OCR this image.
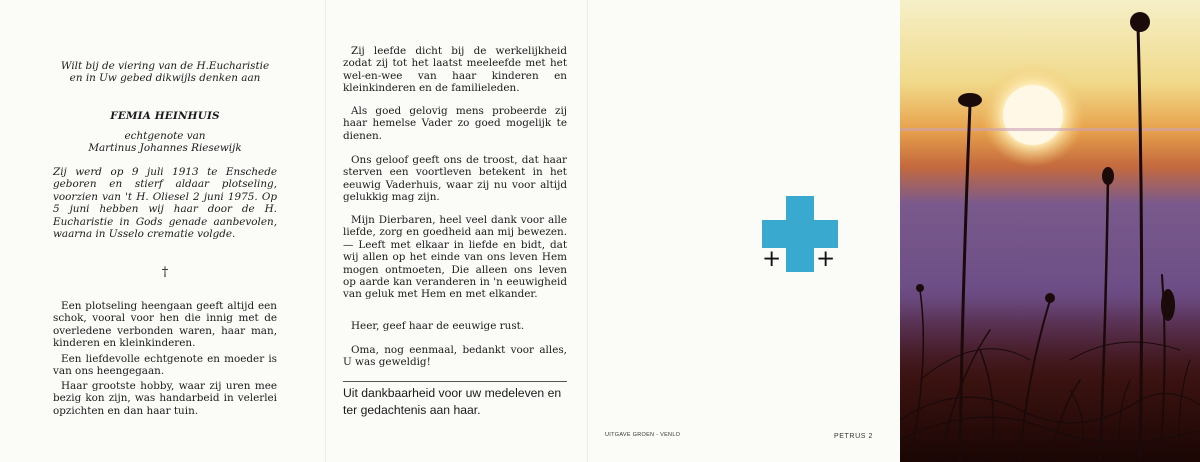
Wilt bij de viering van de H.Eucharistie en in Uw gebed dikwijls denken aan
FEMIA HEINHUIS
echtgenote van
Martinus Johannes Riesewijk
Zij werd op 9 juli 1913 te Enschede geboren en stierf aldaar plotseling, voorzien van 't H. Oliesel 2 juni 1975. Op 5 juni hebben wij haar door de H. Eucharistie in Gods genade aanbevolen, waarna in Usselo crematie volgde.
†
Een plotseling heengaan geeft altijd een schok, vooral voor hen die innig met de overledene verbonden waren, haar man, kinderen en kleinkinderen.
Een liefdevolle echtgenote en moeder is van ons heengegaan.
Haar grootste hobby, waar zij uren mee bezig kon zijn, was handarbeid in velerlei opzichten en dan haar tuin.
Zij leefde dicht bij de werkelijkheid zodat zij tot het laatst meeleefde met het wel-en-wee van haar kinderen en kleinkinderen en de familieleden.
Als goed gelovig mens probeerde zij haar hemelse Vader zo goed mogelijk te dienen.
Ons geloof geeft ons de troost, dat haar sterven een voortleven betekent in het eeuwig Vaderhuis, waar zij nu voor altijd gelukkig mag zijn.
Mijn Dierbaren, heel veel dank voor alle liefde, zorg en goedheid aan mij bewezen. — Leeft met elkaar in liefde en bidt, dat wij allen op het einde van ons leven Hem mogen ontmoeten, Die alleen ons leven op aarde kan veranderen in 'n eeuwigheid van geluk met Hem en met elkander.
Heer, geef haar de eeuwige rust.
Oma, nog eenmaal, bedankt voor alles, U was geweldig!
Uit dankbaarheid voor uw medeleven en ter gedachtenis aan haar.
+ +
UITGAVE GROEN - VENLO	PETRUS 2
